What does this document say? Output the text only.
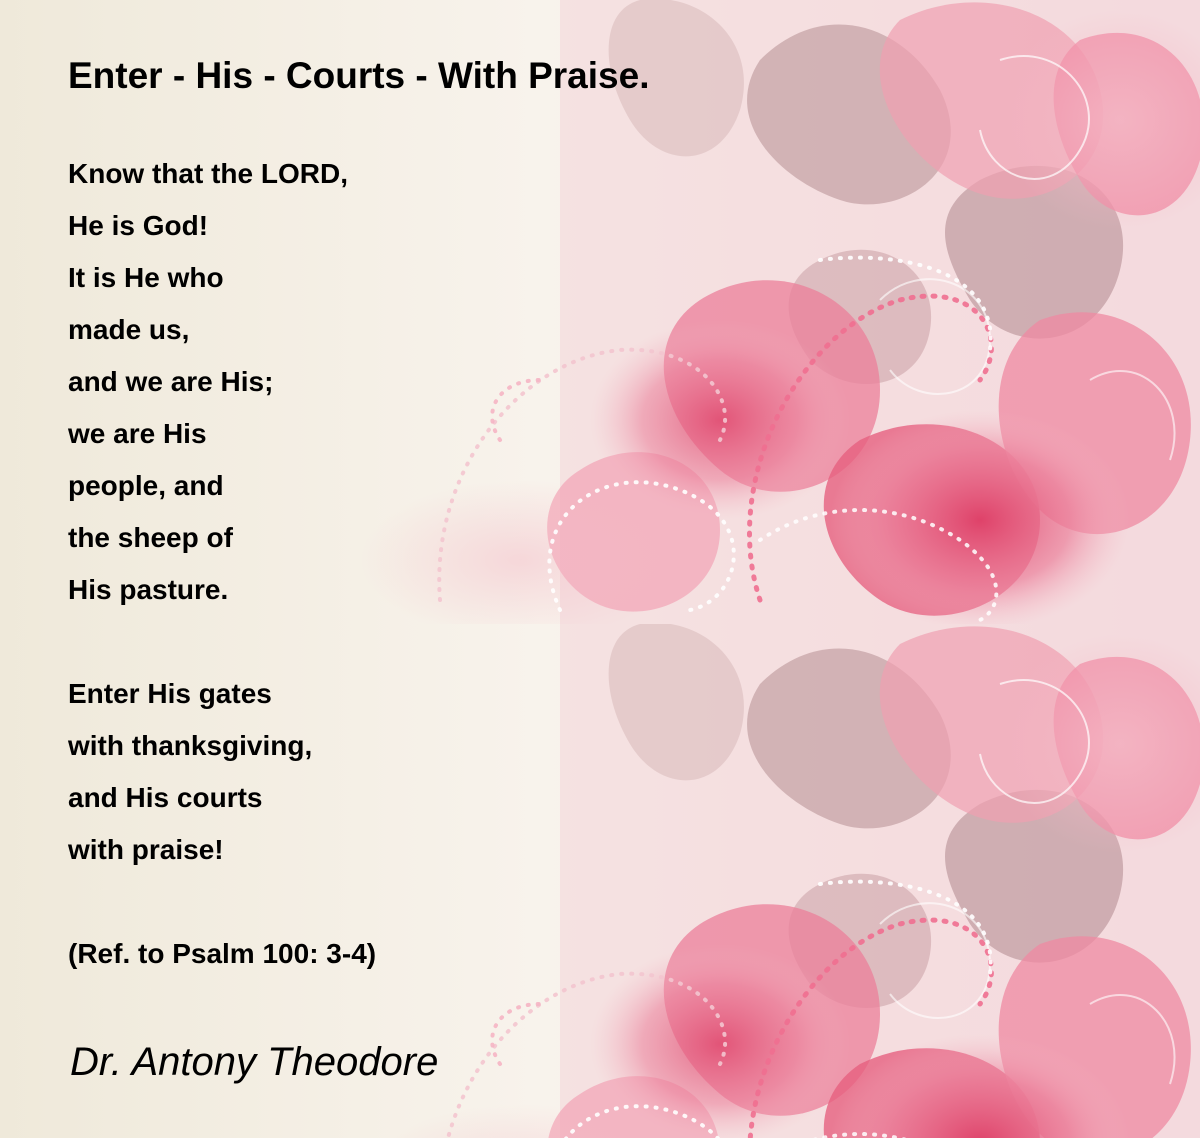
Enter - His - Courts - With Praise.
Know that the LORD,
He is God!
It is He who
made us,
and we are His;
we are His
people, and
the sheep of
His pasture.
Enter His gates
with thanksgiving,
and His courts
with praise!
(Ref. to Psalm 100: 3-4)
Dr. Antony Theodore
